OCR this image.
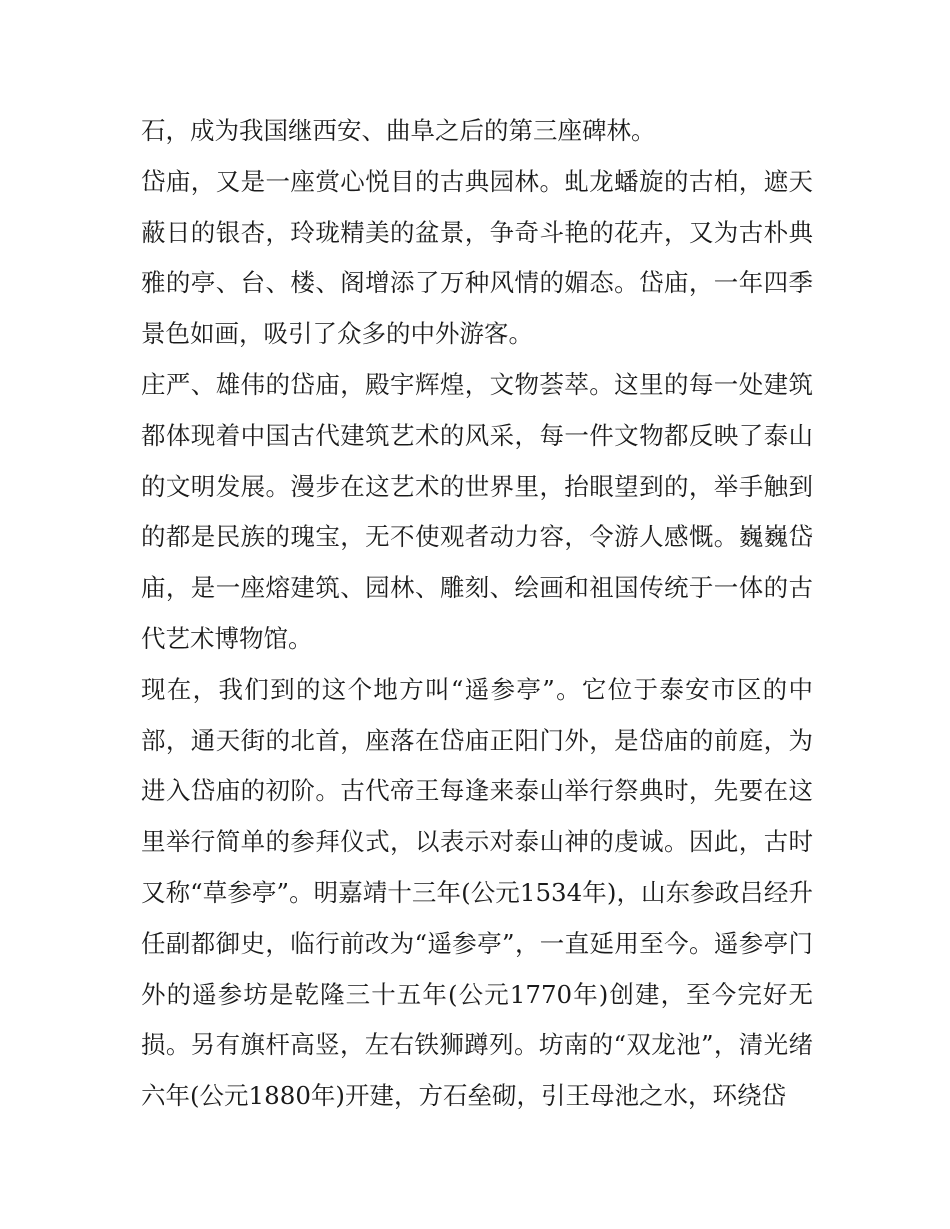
石，成为我国继西安、曲阜之后的第三座碑林。

岱庙，又是一座赏心悦目的古典园林。虬龙蟠旋的古柏，遮天蔽日的银杏，玲珑精美的盆景，争奇斗艳的花卉，又为古朴典雅的亭、台、楼、阁增添了万种风情的媚态。岱庙，一年四季景色如画，吸引了众多的中外游客。

庄严、雄伟的岱庙，殿宇辉煌，文物荟萃。这里的每一处建筑都体现着中国古代建筑艺术的风采，每一件文物都反映了泰山的文明发展。漫步在这艺术的世界里，抬眼望到的，举手触到的都是民族的瑰宝，无不使观者动力容，令游人感慨。巍巍岱庙，是一座熔建筑、园林、雕刻、绘画和祖国传统于一体的古代艺术博物馆。

现在，我们到的这个地方叫“遥参亭”。它位于泰安市区的中部，通天街的北首，座落在岱庙正阳门外，是岱庙的前庭，为进入岱庙的初阶。古代帝王每逢来泰山举行祭典时，先要在这里举行简单的参拜仪式，以表示对泰山神的虔诚。因此，古时又称“草参亭”。明嘉靖十三年(公元1534年)，山东参政吕经升任副都御史，临行前改为“遥参亭”，一直延用至今。遥参亭门外的遥参坊是乾隆三十五年(公元1770年)创建，至今完好无损。另有旗杆高竖，左右铁狮蹲列。坊南的“双龙池”，清光绪六年(公元1880年)开建，方石垒砌，引王母池之水，环绕岱
